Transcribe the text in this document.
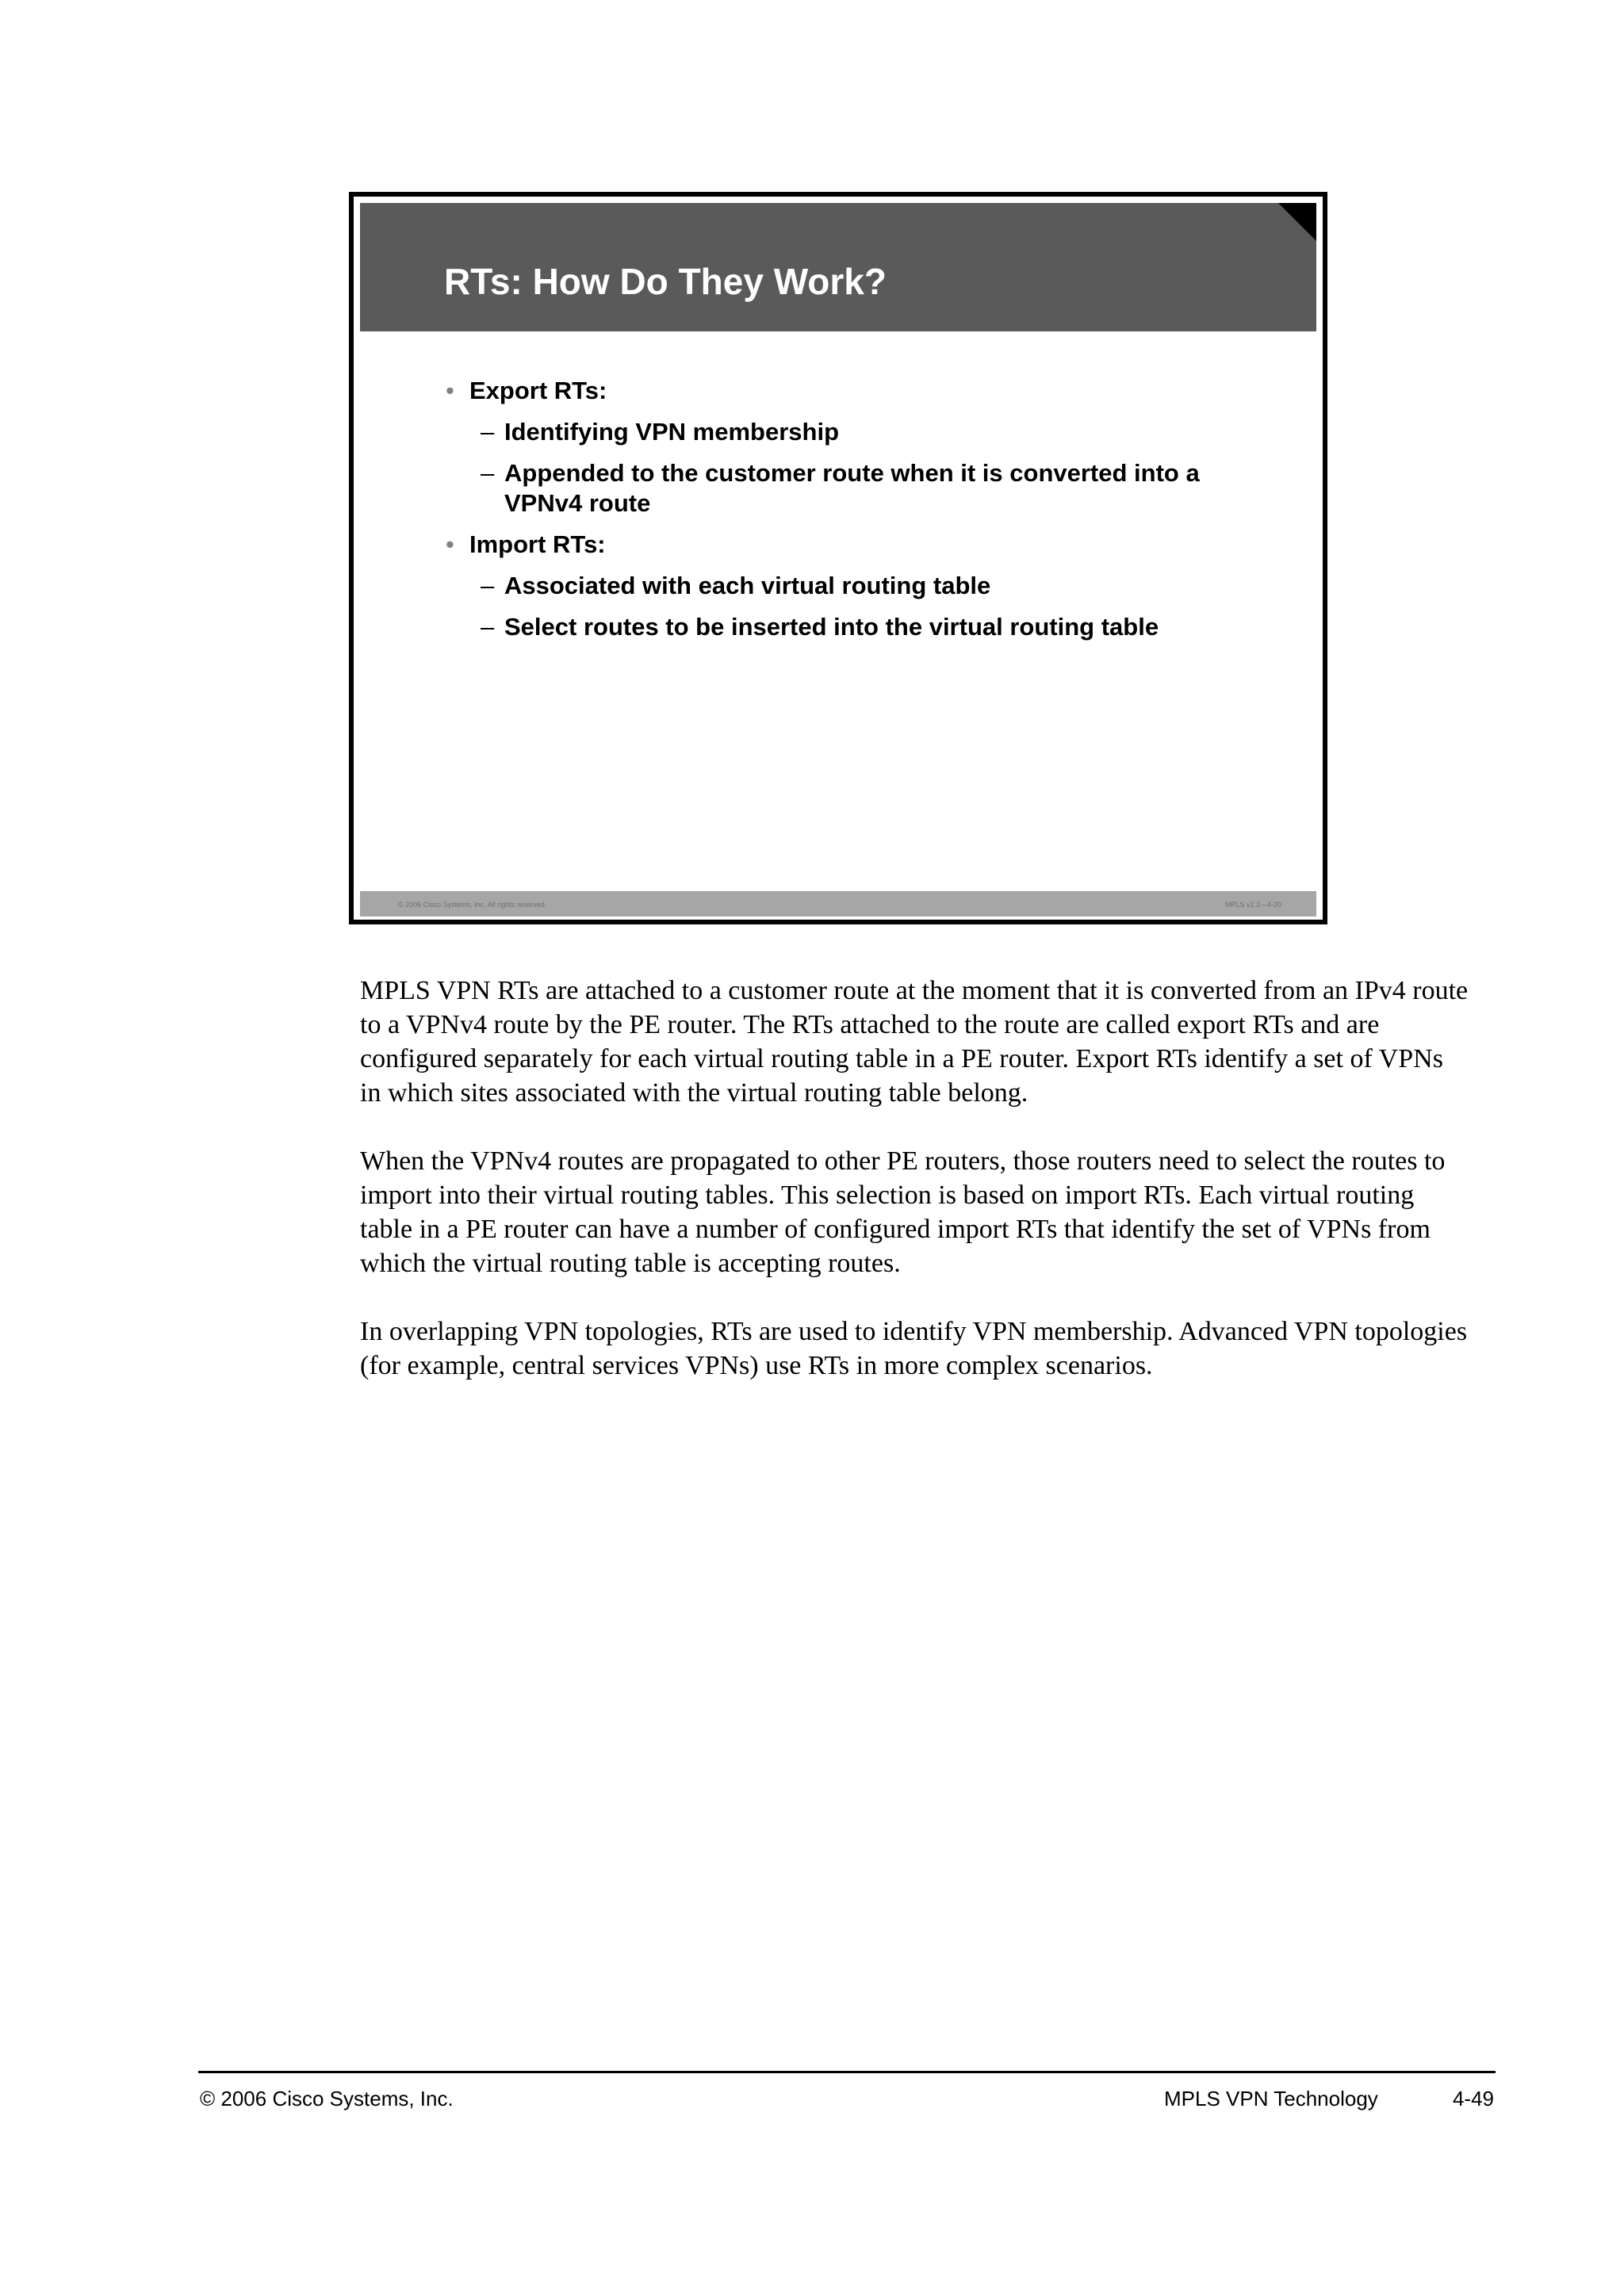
RTs: How Do They Work?
• Export RTs:
– Identifying VPN membership
– Appended to the customer route when it is converted into a VPNv4 route
• Import RTs:
– Associated with each virtual routing table
– Select routes to be inserted into the virtual routing table
© 2006 Cisco Systems, Inc. All rights reserved.	MPLS v2.2—4-20

MPLS VPN RTs are attached to a customer route at the moment that it is converted from an IPv4 route to a VPNv4 route by the PE router. The RTs attached to the route are called export RTs and are configured separately for each virtual routing table in a PE router. Export RTs identify a set of VPNs in which sites associated with the virtual routing table belong.

When the VPNv4 routes are propagated to other PE routers, those routers need to select the routes to import into their virtual routing tables. This selection is based on import RTs. Each virtual routing table in a PE router can have a number of configured import RTs that identify the set of VPNs from which the virtual routing table is accepting routes.

In overlapping VPN topologies, RTs are used to identify VPN membership. Advanced VPN topologies (for example, central services VPNs) use RTs in more complex scenarios.

© 2006 Cisco Systems, Inc.	MPLS VPN Technology	4-49
